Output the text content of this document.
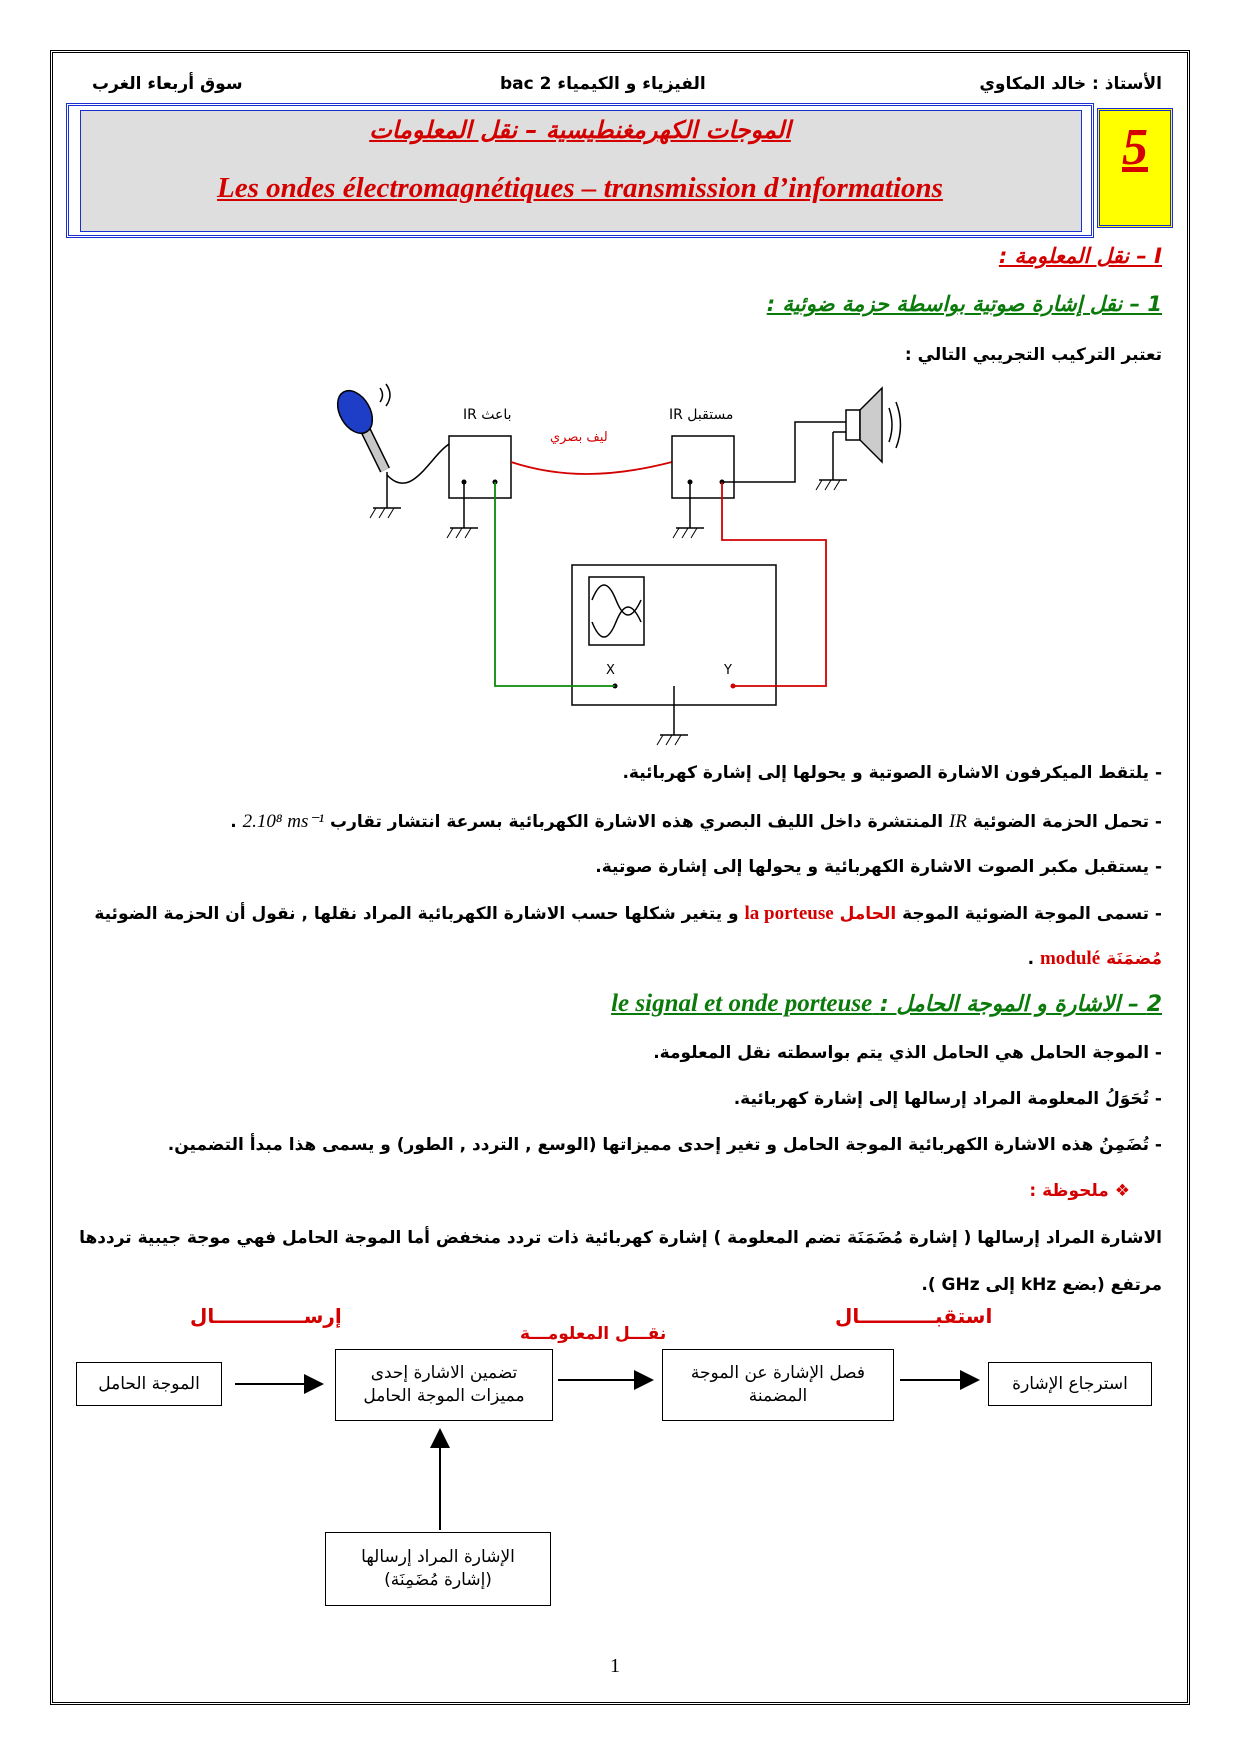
الأستاذ : خالد المكاوي
الفيزياء و الكيمياء 2 bac
سوق أربعاء الغرب
الموجات الكهرمغنطيسية – نقل المعلومات
Les ondes électromagnétiques – transmission d’informations
5
I – نقل المعلومة :
1 – نقل إشارة صوتية بواسطة حزمة ضوئية :
تعتبر التركيب التجريبي التالي :
باعث IR	مستقبل IR
ليف بصري
X	Y
- يلتقط الميكرفون الاشارة الصوتية و يحولها إلى إشارة كهربائية.
- تحمل الحزمة الضوئية IR المنتشرة داخل الليف البصري هذه الاشارة الكهربائية بسرعة انتشار تقارب 2.10⁸ ms⁻¹ .
- يستقبل مكبر الصوت الاشارة الكهربائية و يحولها إلى إشارة صوتية.
- تسمى الموجة الضوئية الموجة الحامل la porteuse و يتغير شكلها حسب الاشارة الكهربائية المراد نقلها , نقول أن الحزمة الضوئية
مُضمَنَة modulé .
2 – الاشارة و الموجة الحامل : le signal et onde porteuse
- الموجة الحامل هي الحامل الذي يتم بواسطته نقل المعلومة.
- تُحَوَلُ المعلومة المراد إرسالها إلى إشارة كهربائية.
- تُضَمِنُ هذه الاشارة الكهربائية الموجة الحامل و تغير إحدى مميزاتها (الوسع , التردد , الطور) و يسمى هذا مبدأ التضمين.
❖ ملحوظة :
الاشارة المراد إرسالها ( إشارة مُضَمَنَة تضم المعلومة ) إشارة كهربائية ذات تردد منخفض أما الموجة الحامل فهي موجة جيبية ترددها
مرتفع (بضع kHz إلى GHz ).
إرســـــــــــــال
نقـــل المعلومـــة
استقبـــــــــــال
الموجة الحامل
تضمين الاشارة إحدى مميزات الموجة الحامل
فصل الإشارة عن الموجة المضمنة
استرجاع الإشارة
الإشارة المراد إرسالها
(إشارة مُضَمِنَة)
1
